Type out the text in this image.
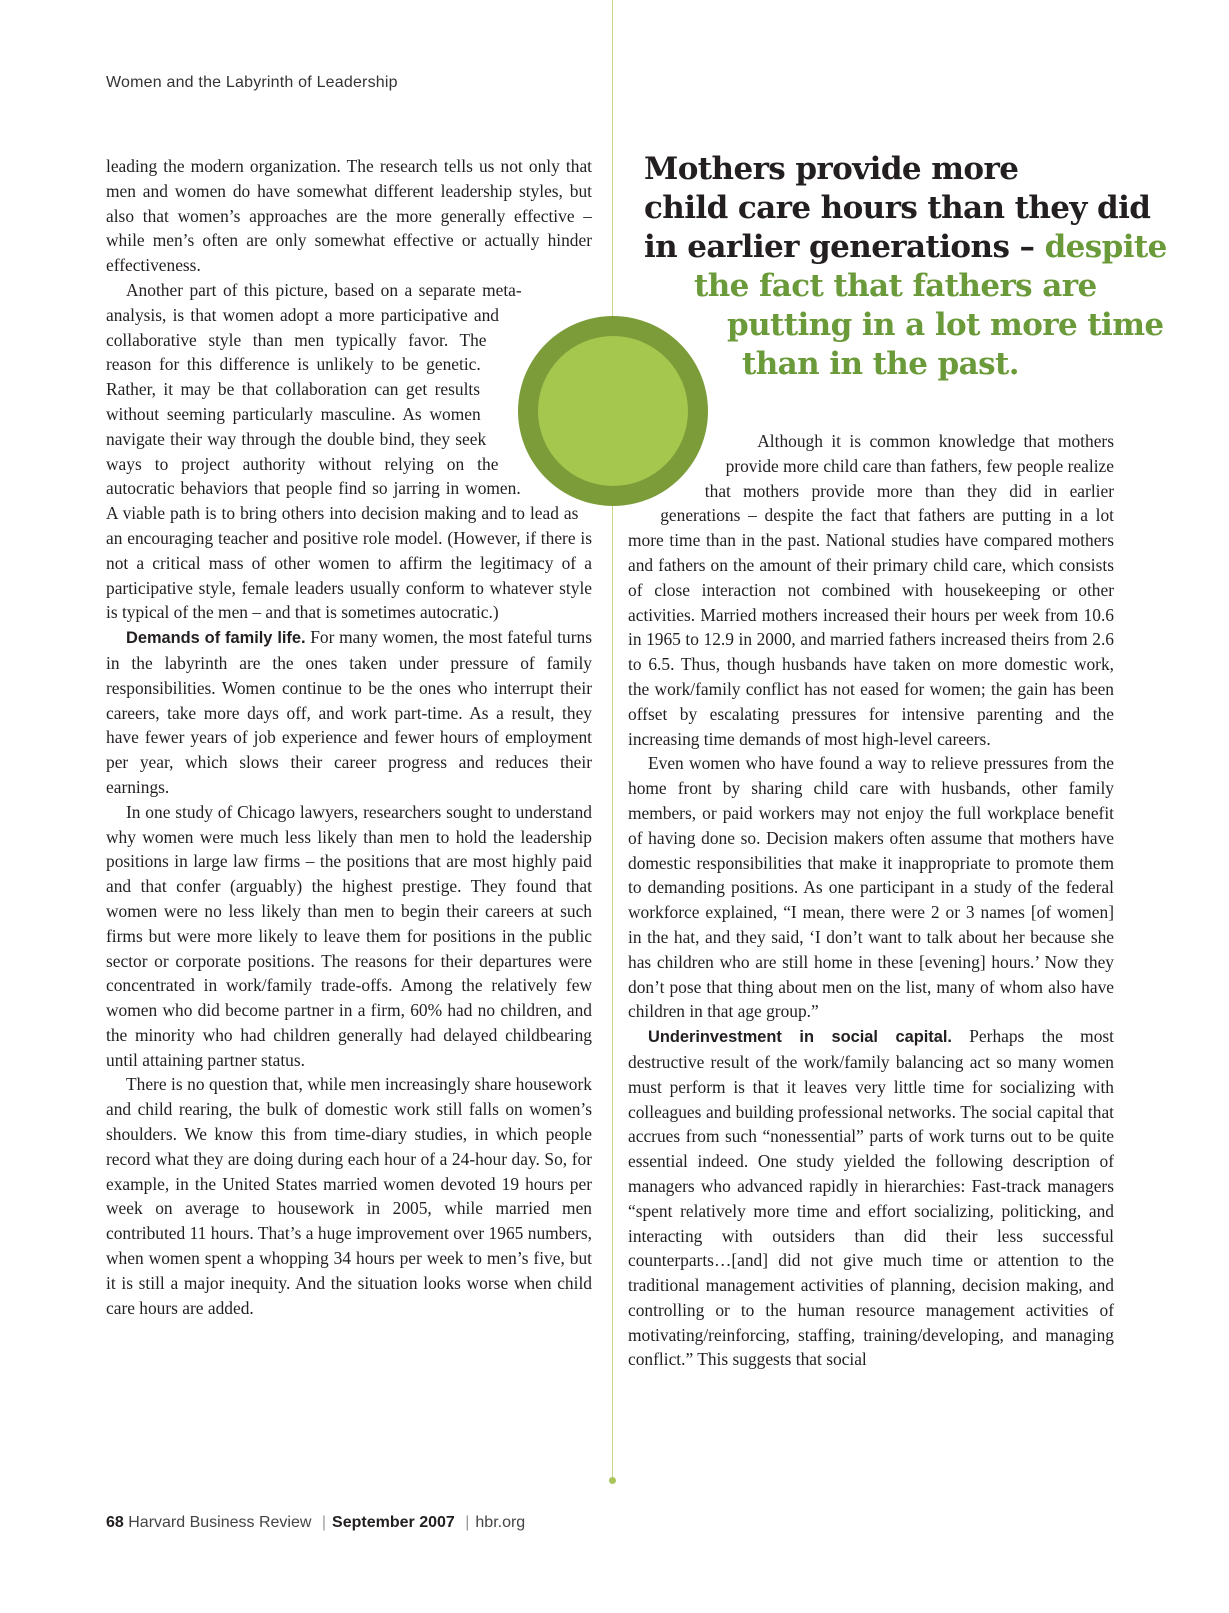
Women and the Labyrinth of Leadership
Mothers provide more
child care hours than they did
in earlier generations – despite
the fact that fathers are
putting in a lot more time
than in the past.

leading the modern organization. The research tells us not only that men and women do have somewhat different leadership styles, but also that women’s approaches are the more generally effective – while men’s often are only somewhat effective or actually hinder effectiveness.

Another part of this picture, based on a separate meta-analysis, is that women adopt a more participative and collaborative style than men typically favor. The reason for this difference is unlikely to be genetic. Rather, it may be that collaboration can get results without seeming particularly masculine. As women navigate their way through the double bind, they seek ways to project authority without relying on the autocratic behaviors that people find so jarring in women. A viable path is to bring others into decision making and to lead as an encouraging teacher and positive role model. (However, if there is not a critical mass of other women to affirm the legitimacy of a participative style, female leaders usually conform to whatever style is typical of the men – and that is sometimes autocratic.)

Demands of family life. For many women, the most fateful turns in the labyrinth are the ones taken under pressure of family responsibilities. Women continue to be the ones who interrupt their careers, take more days off, and work part-time. As a result, they have fewer years of job experience and fewer hours of employment per year, which slows their career progress and reduces their earnings.

In one study of Chicago lawyers, researchers sought to understand why women were much less likely than men to hold the leadership positions in large law firms – the positions that are most highly paid and that confer (arguably) the highest prestige. They found that women were no less likely than men to begin their careers at such firms but were more likely to leave them for positions in the public sector or corporate positions. The reasons for their departures were concentrated in work/family trade-offs. Among the relatively few women who did become partner in a firm, 60% had no children, and the minority who had children generally had delayed childbearing until attaining partner status.

There is no question that, while men increasingly share housework and child rearing, the bulk of domestic work still falls on women’s shoulders. We know this from time-diary studies, in which people record what they are doing during each hour of a 24-hour day. So, for example, in the United States married women devoted 19 hours per week on average to housework in 2005, while married men contributed 11 hours. That’s a huge improvement over 1965 numbers, when women spent a whopping 34 hours per week to men’s five, but it is still a major inequity. And the situation looks worse when child care hours are added.

Although it is common knowledge that mothers provide more child care than fathers, few people realize that mothers provide more than they did in earlier generations – despite the fact that fathers are putting in a lot more time than in the past. National studies have compared mothers and fathers on the amount of their primary child care, which consists of close interaction not combined with housekeeping or other activities. Married mothers increased their hours per week from 10.6 in 1965 to 12.9 in 2000, and married fathers increased theirs from 2.6 to 6.5. Thus, though husbands have taken on more domestic work, the work/family conflict has not eased for women; the gain has been offset by escalating pressures for intensive parenting and the increasing time demands of most high-level careers.

Even women who have found a way to relieve pressures from the home front by sharing child care with husbands, other family members, or paid workers may not enjoy the full workplace benefit of having done so. Decision makers often assume that mothers have domestic responsibilities that make it inappropriate to promote them to demanding positions. As one participant in a study of the federal workforce explained, “I mean, there were 2 or 3 names [of women] in the hat, and they said, ‘I don’t want to talk about her because she has children who are still home in these [evening] hours.’ Now they don’t pose that thing about men on the list, many of whom also have children in that age group.”

Underinvestment in social capital. Perhaps the most destructive result of the work/family balancing act so many women must perform is that it leaves very little time for socializing with colleagues and building professional networks. The social capital that accrues from such “nonessential” parts of work turns out to be quite essential indeed. One study yielded the following description of managers who advanced rapidly in hierarchies: Fast-track managers “spent relatively more time and effort socializing, politicking, and interacting with outsiders than did their less successful counterparts…[and] did not give much time or attention to the traditional management activities of planning, decision making, and controlling or to the human resource management activities of motivating/reinforcing, staffing, training/developing, and managing conflict.” This suggests that social

68 Harvard Business Review | September 2007 | hbr.org
